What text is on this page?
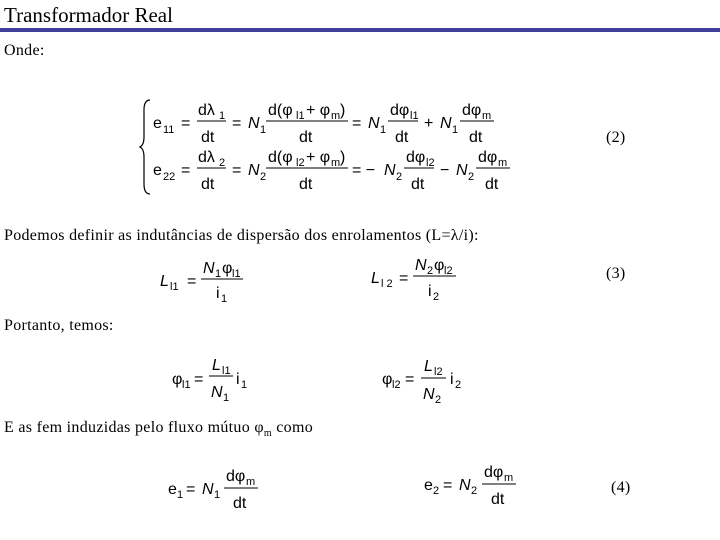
Transformador Real
Onde:
Podemos definir as indutâncias de dispersão dos enrolamentos (L=λ/i):
Portanto, temos:
E as fem induzidas pelo fluxo mútuo $\varphi_m$ como
(2)
(3)
(4)
e 11 =
dλ 1
dt
= N 1
d(φ l1 + φ m )
dt
= N 1
dφ l1
dt
+ N 1
dφ m
dt
e 22 =
dλ 2
dt
= N 2
d(φ l2 + φ m )
dt
= − N 2
dφ l2
dt
− N 2
dφ m
dt
L l1 =
N 1 φ l1
i 1
L l 2 =
N 2 φ l2
i 2
φ l1 =
L l1
N 1
i 1	φ l2 =
L l2
N 2
i 2
e 1 = N 1
dφ m
dt
e 2 = N 2
dφ m
dt
